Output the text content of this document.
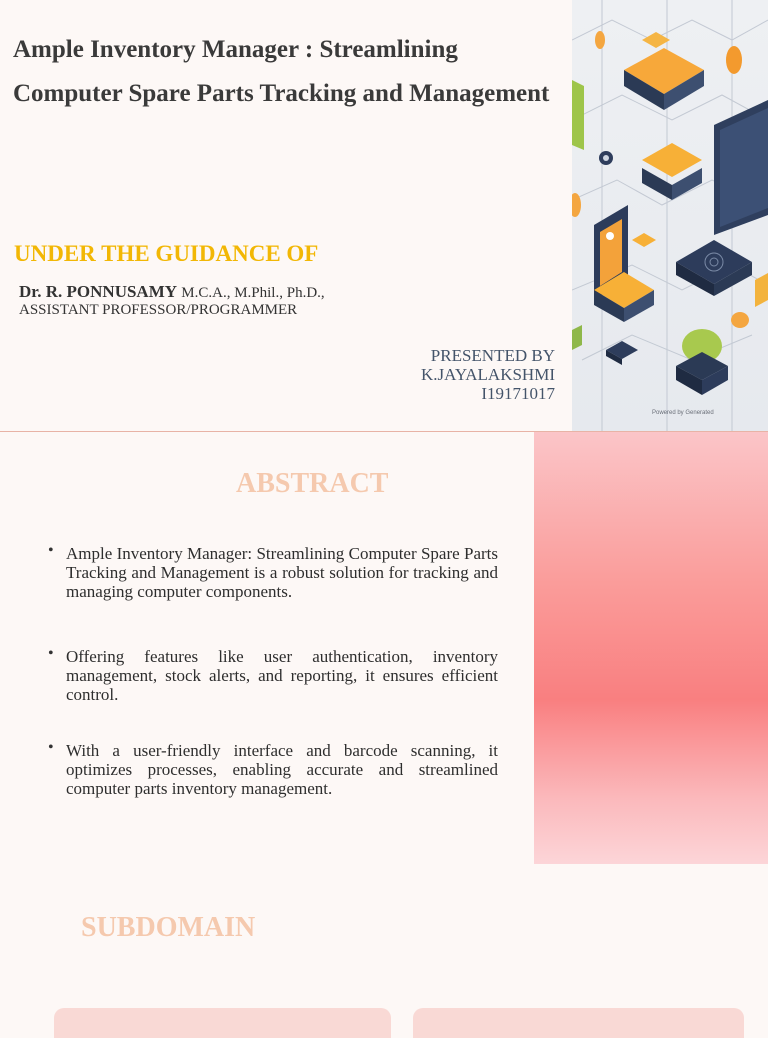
Ample Inventory Manager : Streamlining Computer Spare Parts Tracking and Management
UNDER THE GUIDANCE OF
Dr. R. PONNUSAMY M.C.A., M.Phil., Ph.D.,
ASSISTANT PROFESSOR/PROGRAMMER
PRESENTED BY
K.JAYALAKSHMI
I19171017
Powered by Generated
ABSTRACT
• Ample Inventory Manager: Streamlining Computer Spare Parts Tracking and Management is a robust solution for tracking and managing computer components.
• Offering features like user authentication, inventory management, stock alerts, and reporting, it ensures efficient control.
• With a user-friendly interface and barcode scanning, it optimizes processes, enabling accurate and streamlined computer parts inventory management.
SUBDOMAIN
